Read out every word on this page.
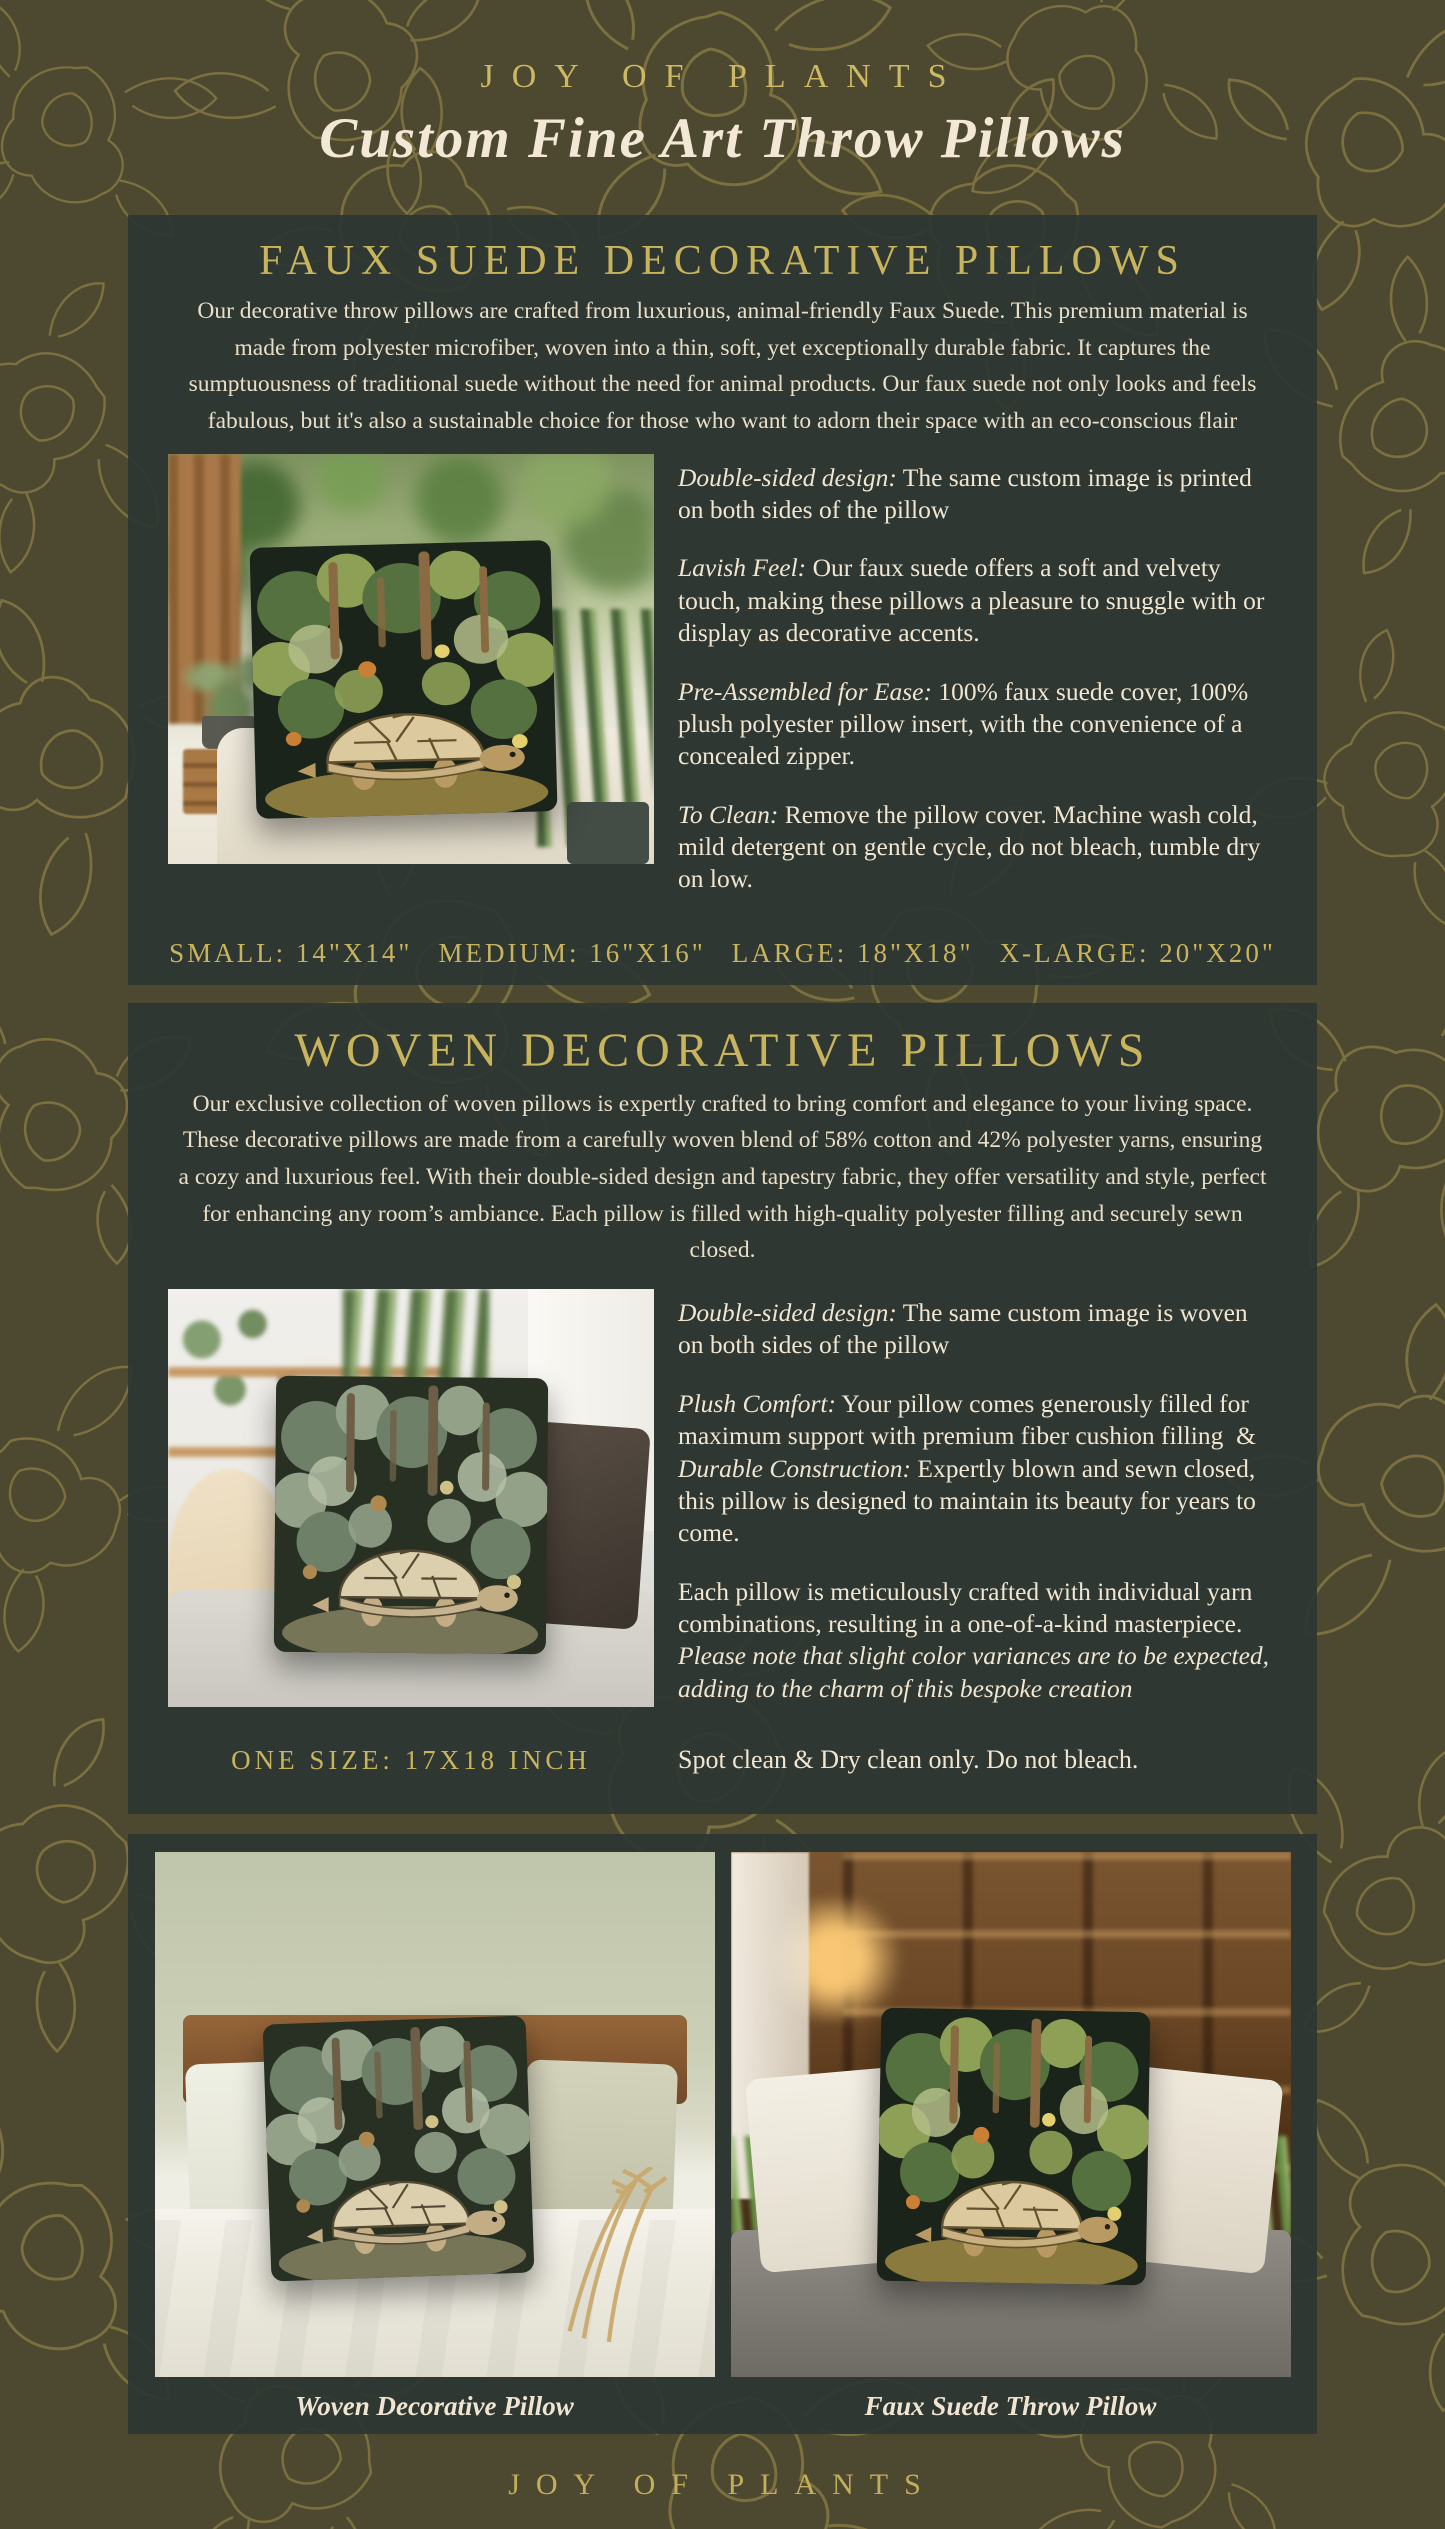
JOY OF PLANTS
Custom Fine Art Throw Pillows
FAUX SUEDE DECORATIVE PILLOWS

Our decorative throw pillows are crafted from luxurious, animal-friendly Faux Suede. This premium material is made from polyester microfiber, woven into a thin, soft, yet exceptionally durable fabric. It captures the sumptuousness of traditional suede without the need for animal products. Our faux suede not only looks and feels fabulous, but it's also a sustainable choice for those who want to adorn their space with an eco-conscious flair

Double-sided design: The same custom image is printed on both sides of the pillow

Lavish Feel: Our faux suede offers a soft and velvety touch, making these pillows a pleasure to snuggle with or display as decorative accents.

Pre-Assembled for Ease: 100% faux suede cover, 100% plush polyester pillow insert, with the convenience of a concealed zipper.

To Clean: Remove the pillow cover. Machine wash cold, mild detergent on gentle cycle, do not bleach, tumble dry on low.

SMALL: 14"X14" MEDIUM: 16"X16" LARGE: 18"X18" X-LARGE: 20"X20"
WOVEN DECORATIVE PILLOWS

Our exclusive collection of woven pillows is expertly crafted to bring comfort and elegance to your living space. These decorative pillows are made from a carefully woven blend of 58% cotton and 42% polyester yarns, ensuring a cozy and luxurious feel. With their double-sided design and tapestry fabric, they offer versatility and style, perfect for enhancing any room’s ambiance. Each pillow is filled with high-quality polyester filling and securely sewn closed.

Double-sided design: The same custom image is woven on both sides of the pillow

Plush Comfort: Your pillow comes generously filled for maximum support with premium fiber cushion filling  & Durable Construction: Expertly blown and sewn closed, this pillow is designed to maintain its beauty for years to come.

Each pillow is meticulously crafted with individual yarn combinations, resulting in a one-of-a-kind masterpiece. Please note that slight color variances are to be expected, adding to the charm of this bespoke creation

ONE SIZE: 17X18 INCH	Spot clean & Dry clean only. Do not bleach.
Woven Decorative Pillow	Faux Suede Throw Pillow
JOY OF PLANTS
